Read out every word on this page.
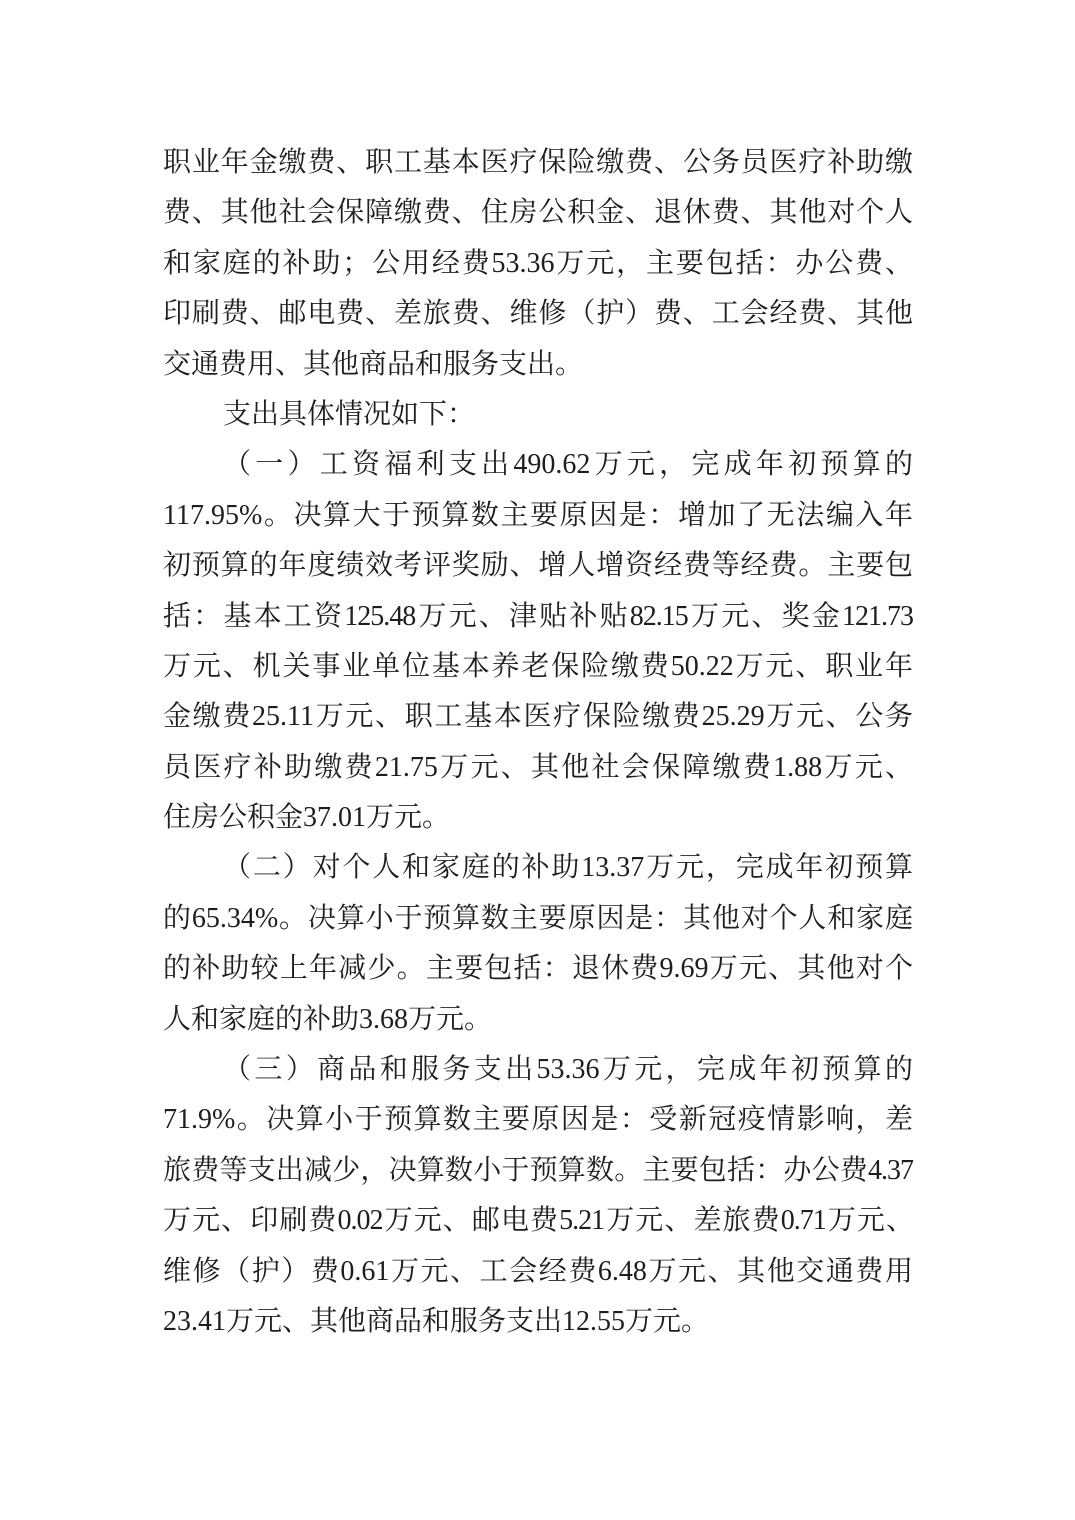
职业年金缴费、职工基本医疗保险缴费、公务员医疗补助缴
费、其他社会保障缴费、住房公积金、退休费、其他对个人
和家庭的补助；公用经费53.36万元，主要包括：办公费、
印刷费、邮电费、差旅费、维修（护）费、工会经费、其他
交通费用、其他商品和服务支出。
支出具体情况如下：
（一）工资福利支出490.62万元，完成年初预算的
117.95%。决算大于预算数主要原因是：增加了无法编入年
初预算的年度绩效考评奖励、增人增资经费等经费。主要包
括：基本工资125.48万元、津贴补贴82.15万元、奖金121.73
万元、机关事业单位基本养老保险缴费50.22万元、职业年
金缴费25.11万元、职工基本医疗保险缴费25.29万元、公务
员医疗补助缴费21.75万元、其他社会保障缴费1.88万元、
住房公积金37.01万元。
（二）对个人和家庭的补助13.37万元，完成年初预算
的65.34%。决算小于预算数主要原因是：其他对个人和家庭
的补助较上年减少。主要包括：退休费9.69万元、其他对个
人和家庭的补助3.68万元。
（三）商品和服务支出53.36万元，完成年初预算的
71.9%。决算小于预算数主要原因是：受新冠疫情影响，差
旅费等支出减少，决算数小于预算数。主要包括：办公费4.37
万元、印刷费0.02万元、邮电费5.21万元、差旅费0.71万元、
维修（护）费0.61万元、工会经费6.48万元、其他交通费用
23.41万元、其他商品和服务支出12.55万元。
